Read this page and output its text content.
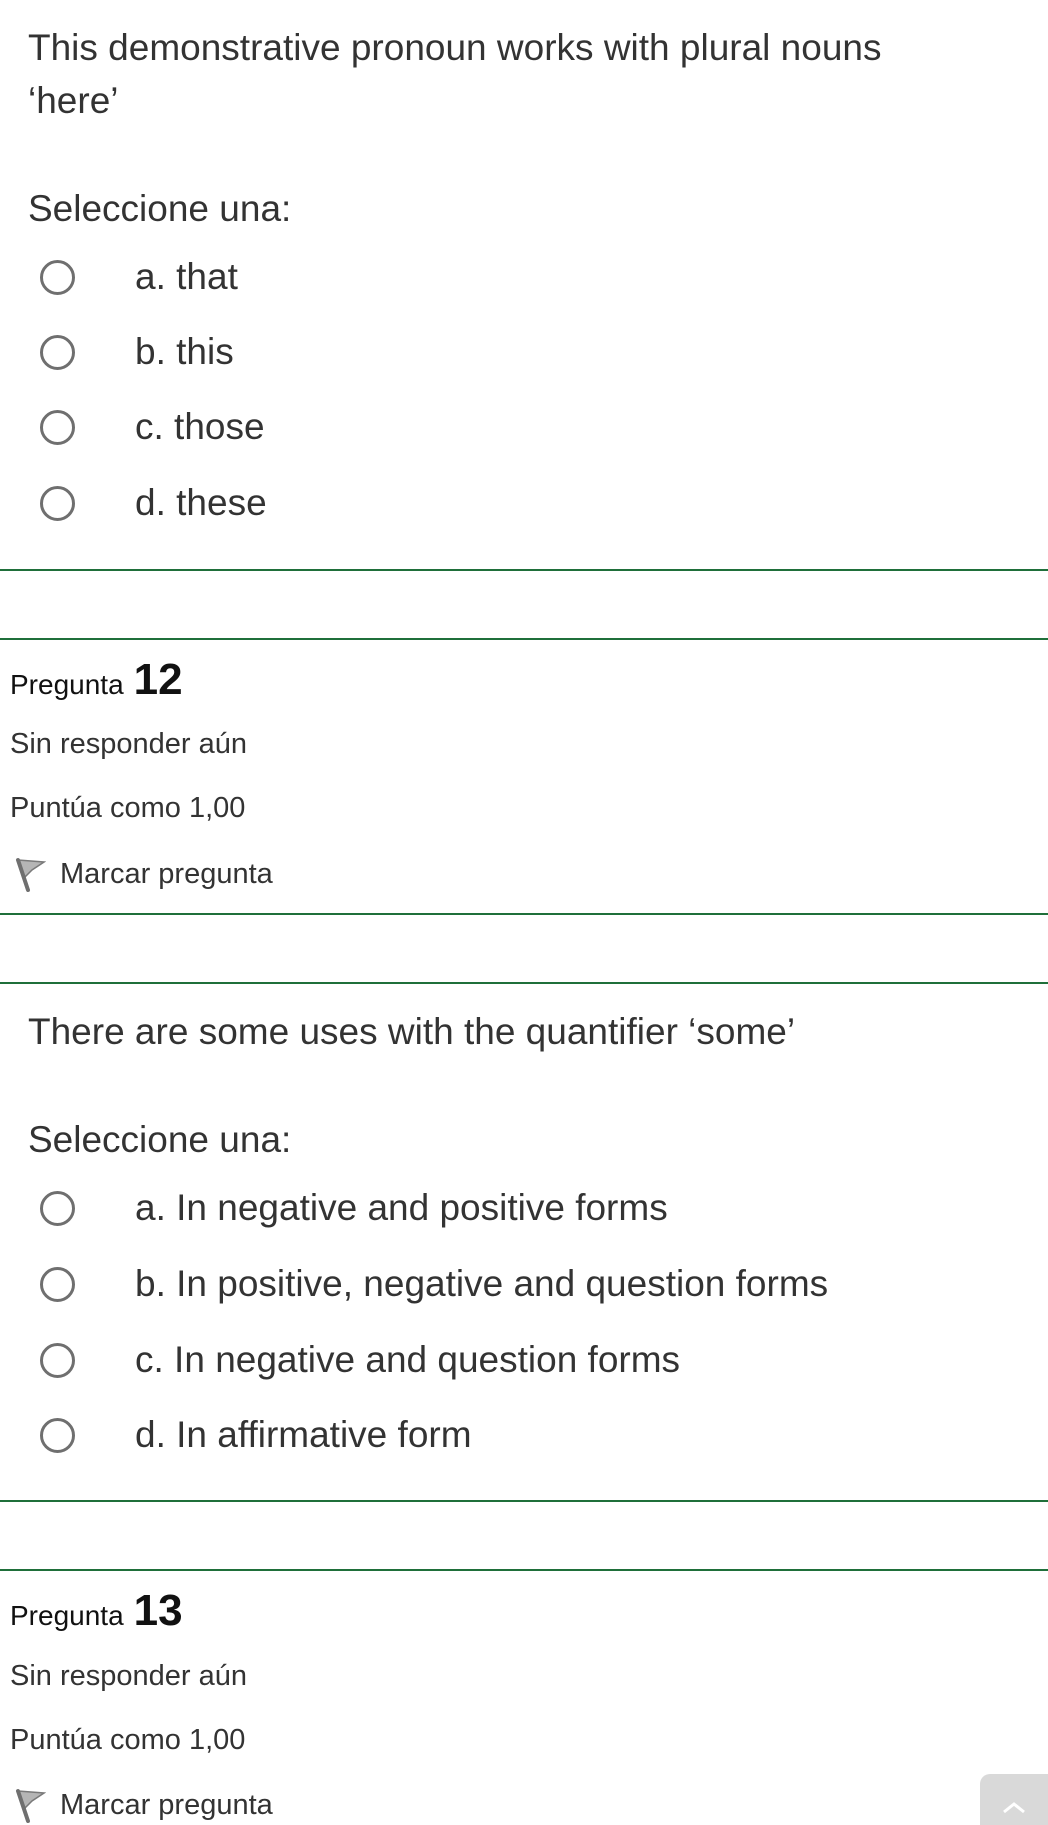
This demonstrative pronoun works with plural nouns
‘here’
Seleccione una:
a. that
b. this
c. those
d. these
Pregunta 12
Sin responder aún
Puntúa como 1,00
Marcar pregunta
There are some uses with the quantifier ‘some’
Seleccione una:
a. In negative and positive forms
b. In positive, negative and question forms
c. In negative and question forms
d. In affirmative form
Pregunta 13
Sin responder aún
Puntúa como 1,00
Marcar pregunta
